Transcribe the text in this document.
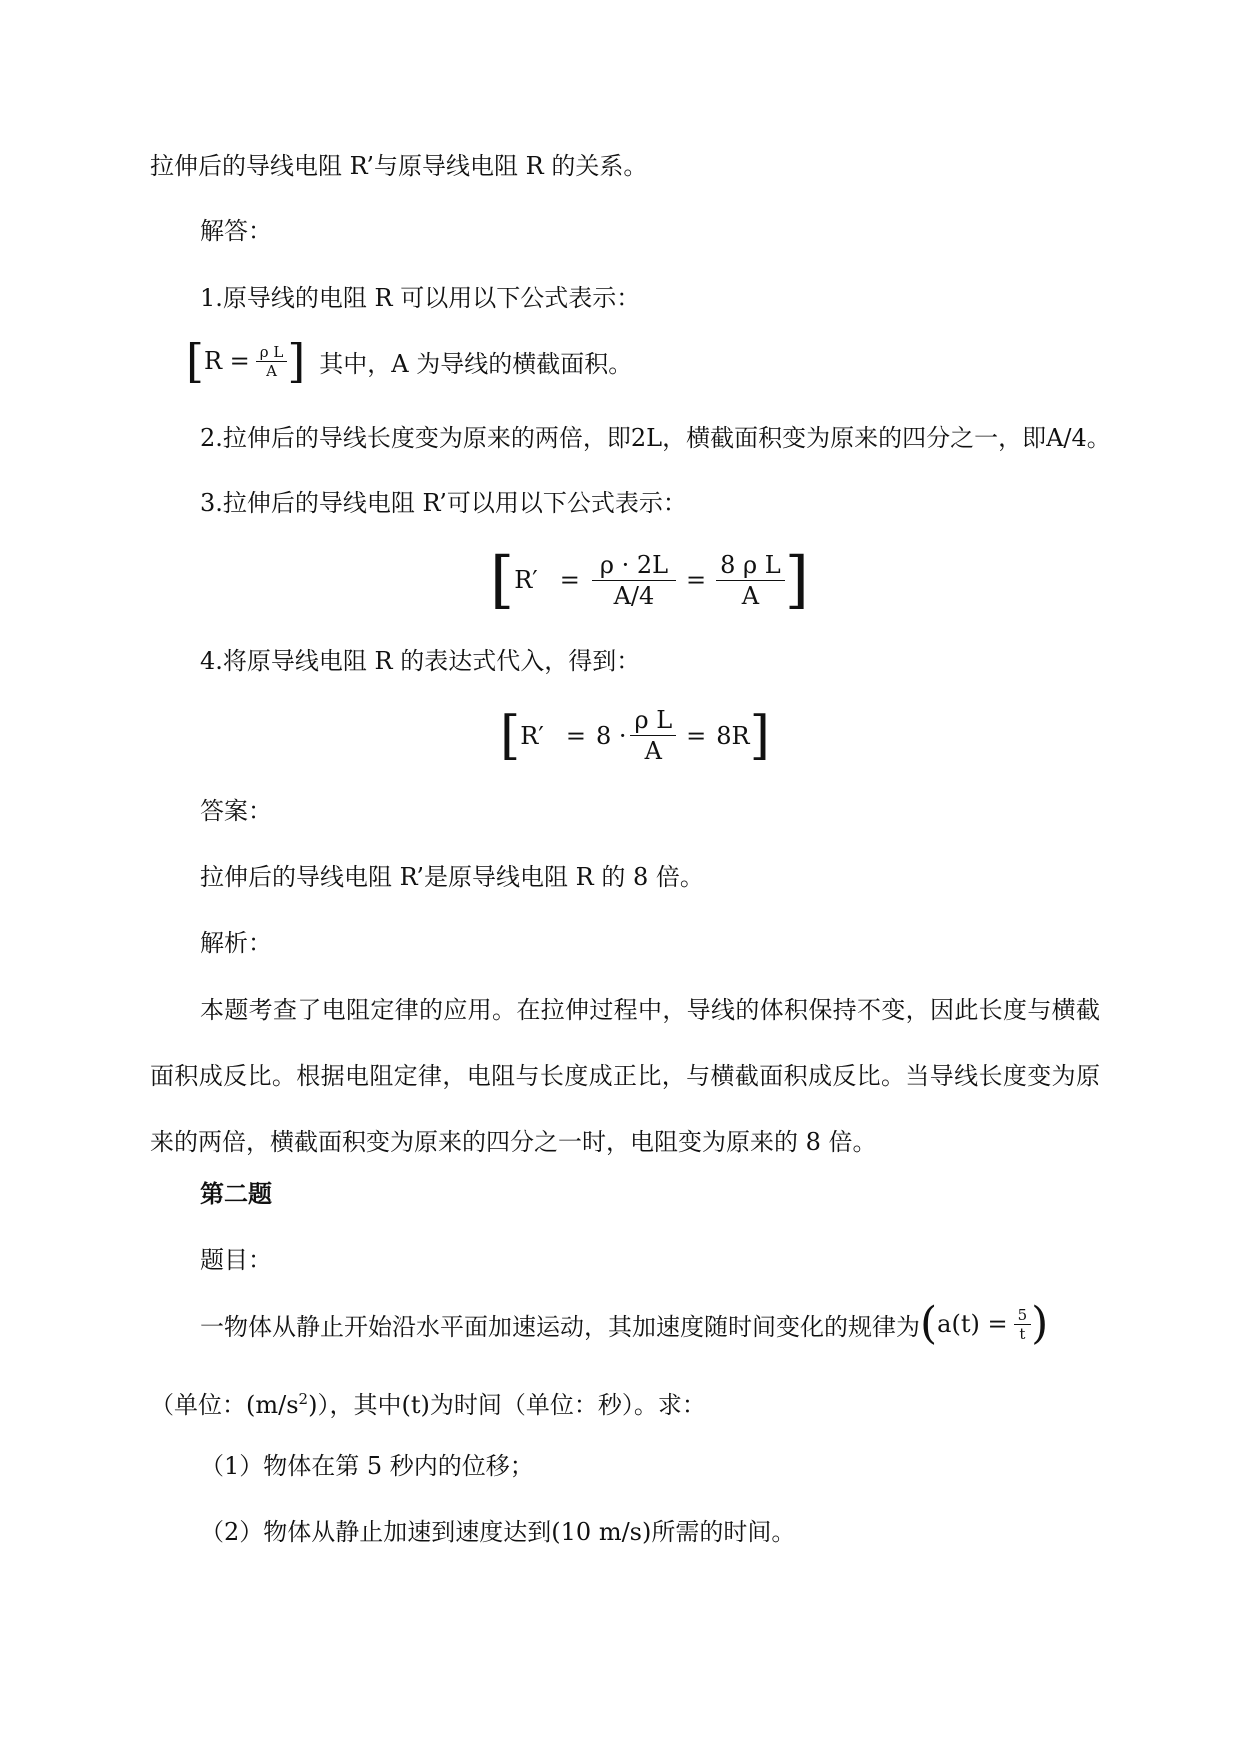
拉伸后的导线电阻 R’与原导线电阻 R 的关系。
解答：
1.原导线的电阻 R 可以用以下公式表示：
[ $R = \frac{\text{ρ L}}{A}$ ] 其中，A 为导线的横截面积。
2.拉伸后的导线长度变为原来的两倍，即2L，横截面积变为原来的四分之一，即A/4。
3.拉伸后的导线电阻 R’可以用以下公式表示：
[ $R' = \frac{\rho \cdot 2L}{A/4} = \frac{\text{8 ρ L}}{A}$ ]
4.将原导线电阻 R 的表达式代入，得到：
[ $R' = 8 \cdot \frac{\text{ρ L}}{A} = 8R$ ]
答案：
拉伸后的导线电阻 R’是原导线电阻 R 的 8 倍。
解析：
本题考查了电阻定律的应用。在拉伸过程中，导线的体积保持不变，因此长度与横截面积成反比。根据电阻定律，电阻与长度成正比，与横截面积成反比。当导线长度变为原来的两倍，横截面积变为原来的四分之一时，电阻变为原来的 8 倍。
第二题
题目：
一物体从静止开始沿水平面加速运动，其加速度随时间变化的规律为 ( $a(t) = \frac{5}{t}$ )
（单位：$(m/s^2)$），其中(t)为时间（单位：秒）。求：
（1）物体在第 5 秒内的位移；
（2）物体从静止加速到速度达到(10 m/s)所需的时间。
